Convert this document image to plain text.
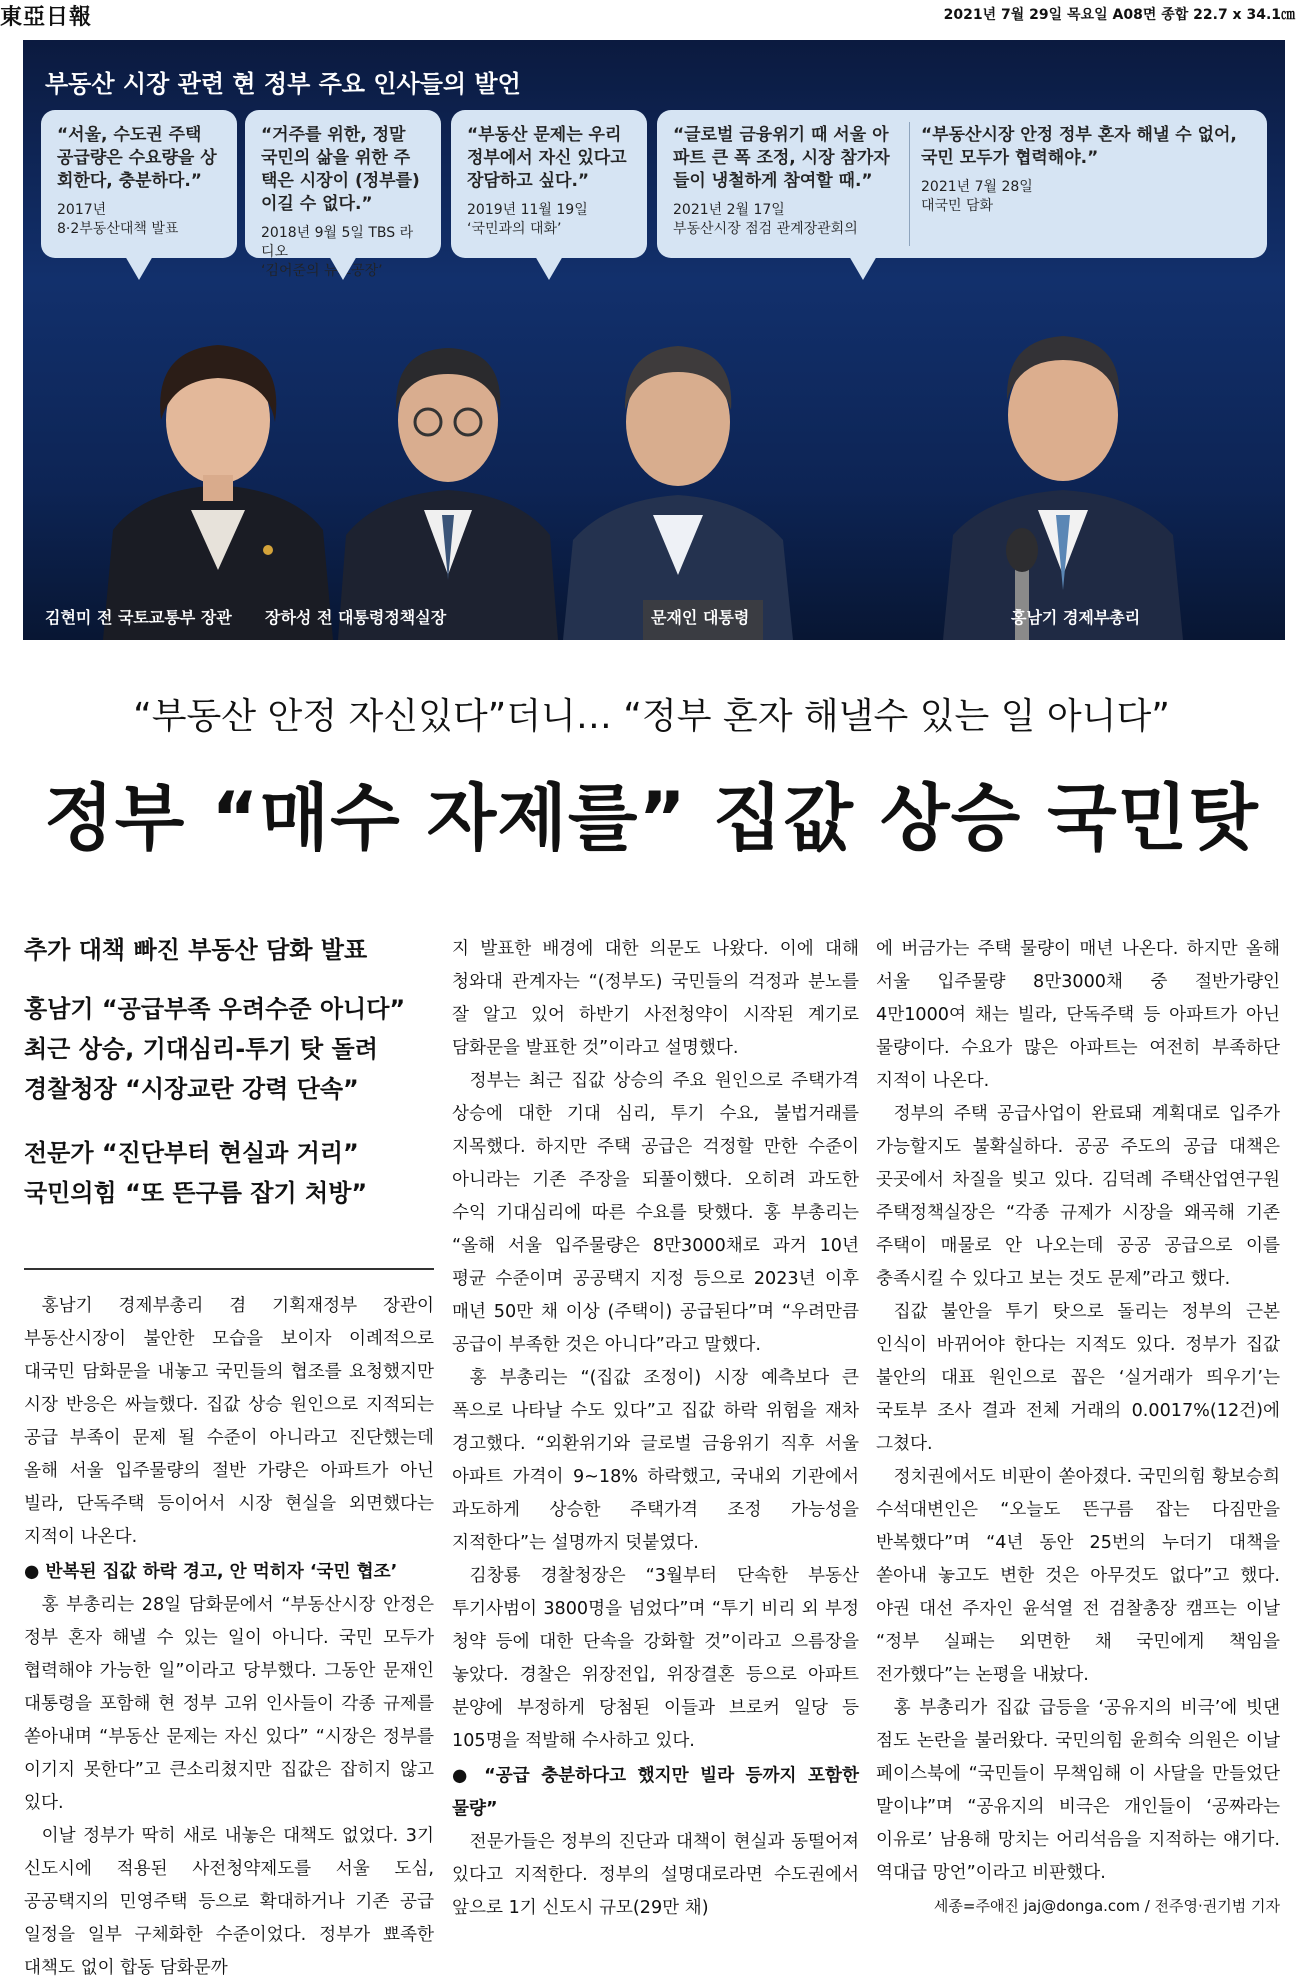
東亞日報	2021년 7월 29일 목요일 A08면 종합 22.7 x 34.1㎝
부동산 시장 관련 현 정부 주요 인사들의 발언
“서울, 수도권 주택 공급량은 수요량을 상회한다, 충분하다.”
2017년
8·2부동산대책 발표
“거주를 위한, 정말 국민의 삶을 위한 주택은 시장이 (정부를) 이길 수 없다.”
2018년 9월 5일 TBS 라디오
‘김어준의 뉴스공장’
“부동산 문제는 우리 정부에서 자신 있다고 장담하고 싶다.”
2019년 11월 19일
‘국민과의 대화’
“글로벌 금융위기 때 서울 아파트 큰 폭 조정, 시장 참가자들이 냉철하게 참여할 때.”
2021년 2월 17일
부동산시장 점검 관계장관회의
“부동산시장 안정 정부 혼자 해낼 수 없어, 국민 모두가 협력해야.”
2021년 7월 28일
대국민 담화
김현미 전 국토교통부 장관 장하성 전 대통령정책실장	문재인 대통령	홍남기 경제부총리
“부동산 안정 자신있다”더니… “정부 혼자 해낼수 있는 일 아니다”
정부 “매수 자제를” 집값 상승 국민탓
추가 대책 빠진 부동산 담화 발표
홍남기 “공급부족 우려수준 아니다”
최근 상승, 기대심리-투기 탓 돌려
경찰청장 “시장교란 강력 단속”
전문가 “진단부터 현실과 거리”
국민의힘 “또 뜬구름 잡기 처방”

홍남기 경제부총리 겸 기획재정부 장관이 부동산시장이 불안한 모습을 보이자 이례적으로 대국민 담화문을 내놓고 국민들의 협조를 요청했지만 시장 반응은 싸늘했다. 집값 상승 원인으로 지적되는 공급 부족이 문제 될 수준이 아니라고 진단했는데 올해 서울 입주물량의 절반 가량은 아파트가 아닌 빌라, 단독주택 등이어서 시장 현실을 외면했다는 지적이 나온다.

● 반복된 집값 하락 경고, 안 먹히자 ‘국민 협조’

홍 부총리는 28일 담화문에서 “부동산시장 안정은 정부 혼자 해낼 수 있는 일이 아니다. 국민 모두가 협력해야 가능한 일”이라고 당부했다. 그동안 문재인 대통령을 포함해 현 정부 고위 인사들이 각종 규제를 쏟아내며 “부동산 문제는 자신 있다” “시장은 정부를 이기지 못한다”고 큰소리쳤지만 집값은 잡히지 않고 있다.

이날 정부가 딱히 새로 내놓은 대책도 없었다. 3기 신도시에 적용된 사전청약제도를 서울 도심, 공공택지의 민영주택 등으로 확대하거나 기존 공급 일정을 일부 구체화한 수준이었다. 정부가 뾰족한 대책도 없이 합동 담화문까

지 발표한 배경에 대한 의문도 나왔다. 이에 대해 청와대 관계자는 “(정부도) 국민들의 걱정과 분노를 잘 알고 있어 하반기 사전청약이 시작된 계기로 담화문을 발표한 것”이라고 설명했다.

정부는 최근 집값 상승의 주요 원인으로 주택가격 상승에 대한 기대 심리, 투기 수요, 불법거래를 지목했다. 하지만 주택 공급은 걱정할 만한 수준이 아니라는 기존 주장을 되풀이했다. 오히려 과도한 수익 기대심리에 따른 수요를 탓했다. 홍 부총리는 “올해 서울 입주물량은 8만3000채로 과거 10년 평균 수준이며 공공택지 지정 등으로 2023년 이후 매년 50만 채 이상 (주택이) 공급된다”며 “우려만큼 공급이 부족한 것은 아니다”라고 말했다.

홍 부총리는 “(집값 조정이) 시장 예측보다 큰 폭으로 나타날 수도 있다”고 집값 하락 위험을 재차 경고했다. “외환위기와 글로벌 금융위기 직후 서울 아파트 가격이 9~18% 하락했고, 국내외 기관에서 과도하게 상승한 주택가격 조정 가능성을 지적한다”는 설명까지 덧붙였다.

김창룡 경찰청장은 “3월부터 단속한 부동산 투기사범이 3800명을 넘었다”며 “투기 비리 외 부정 청약 등에 대한 단속을 강화할 것”이라고 으름장을 놓았다. 경찰은 위장전입, 위장결혼 등으로 아파트 분양에 부정하게 당첨된 이들과 브로커 일당 등 105명을 적발해 수사하고 있다.

● “공급 충분하다고 했지만 빌라 등까지 포함한 물량”

전문가들은 정부의 진단과 대책이 현실과 동떨어져 있다고 지적한다. 정부의 설명대로라면 수도권에서 앞으로 1기 신도시 규모(29만 채)

에 버금가는 주택 물량이 매년 나온다. 하지만 올해 서울 입주물량 8만3000채 중 절반가량인 4만1000여 채는 빌라, 단독주택 등 아파트가 아닌 물량이다. 수요가 많은 아파트는 여전히 부족하단 지적이 나온다.

정부의 주택 공급사업이 완료돼 계획대로 입주가 가능할지도 불확실하다. 공공 주도의 공급 대책은 곳곳에서 차질을 빚고 있다. 김덕례 주택산업연구원 주택정책실장은 “각종 규제가 시장을 왜곡해 기존 주택이 매물로 안 나오는데 공공 공급으로 이를 충족시킬 수 있다고 보는 것도 문제”라고 했다.

집값 불안을 투기 탓으로 돌리는 정부의 근본 인식이 바뀌어야 한다는 지적도 있다. 정부가 집값 불안의 대표 원인으로 꼽은 ‘실거래가 띄우기’는 국토부 조사 결과 전체 거래의 0.0017%(12건)에 그쳤다.

정치권에서도 비판이 쏟아졌다. 국민의힘 황보승희 수석대변인은 “오늘도 뜬구름 잡는 다짐만을 반복했다”며 “4년 동안 25번의 누더기 대책을 쏟아내 놓고도 변한 것은 아무것도 없다”고 했다. 야권 대선 주자인 윤석열 전 검찰총장 캠프는 이날 “정부 실패는 외면한 채 국민에게 책임을 전가했다”는 논평을 내놨다.

홍 부총리가 집값 급등을 ‘공유지의 비극’에 빗댄 점도 논란을 불러왔다. 국민의힘 윤희숙 의원은 이날 페이스북에 “국민들이 무책임해 이 사달을 만들었단 말이냐”며 “공유지의 비극은 개인들이 ‘공짜라는 이유로’ 남용해 망치는 어리석음을 지적하는 얘기다. 역대급 망언”이라고 비판했다.

세종=주애진 jaj@donga.com / 전주영·권기범 기자
